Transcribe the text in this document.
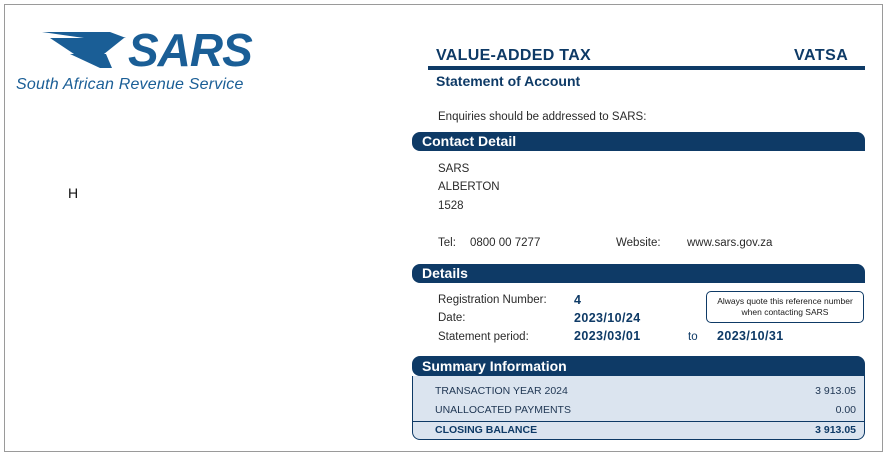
SARS
South African Revenue Service
H
VALUE-ADDED TAX	VATSA
Statement of Account
Enquiries should be addressed to SARS:
Contact Detail
SARS
ALBERTON
1528
Tel: 0800 00 7277	Website: www.sars.gov.za
Details
Registration Number: 4
Date:	2023/10/24
Statement period:	2023/03/01	to 2023/10/31
Always quote this reference number when contacting SARS
Summary Information
TRANSACTION YEAR 2024	3 913.05
UNALLOCATED PAYMENTS	0.00
CLOSING BALANCE	3 913.05
